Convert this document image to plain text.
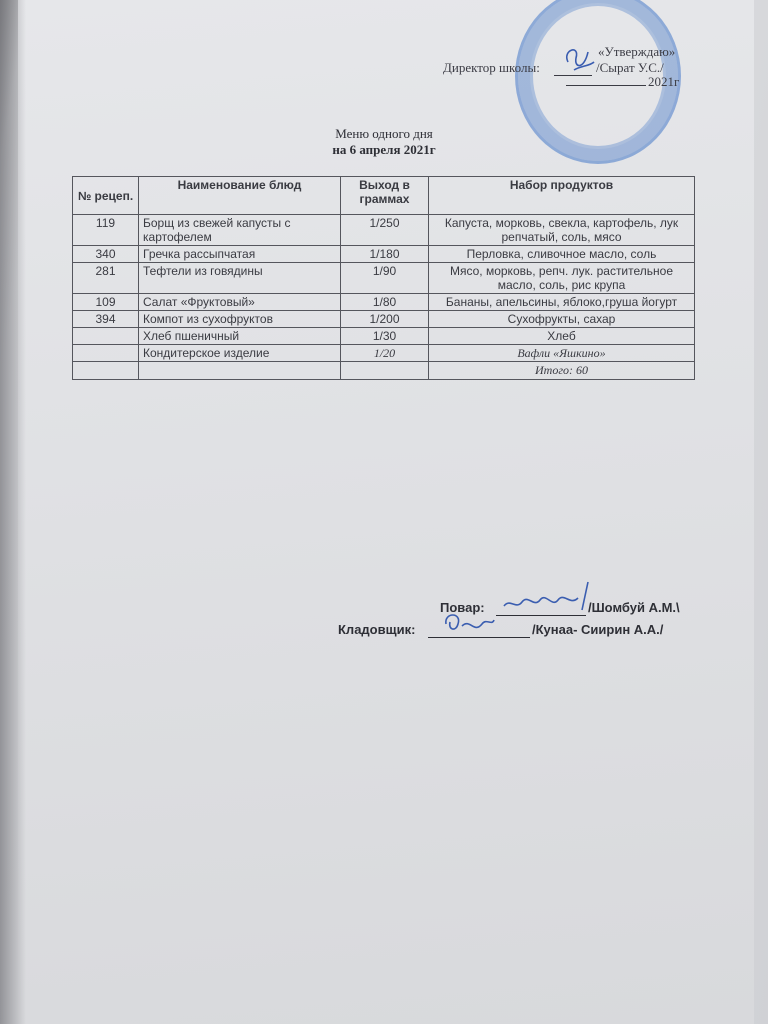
«Утверждаю»
Директор школы:	/Сырат У.С./
2021г
Меню одного дня
на 6 апреля 2021г
№ рецеп.	Наименование блюд	Выход в граммах	Набор продуктов
119	Борщ из свежей капусты с картофелем	1/250	Капуста, морковь, свекла, картофель, лук репчатый, соль, мясо
340	Гречка рассыпчатая	1/180	Перловка, сливочное масло, соль
281	Тефтели из говядины	1/90	Мясо, морковь, репч. лук. растительное масло, соль, рис крупа
109	Салат «Фруктовый»	1/80	Бананы, апельсины, яблоко,груша йогурт
394	Компот из сухофруктов	1/200	Сухофрукты, сахар
	Хлеб пшеничный	1/30	Хлеб
	Кондитерское изделие	1/20	Вафли «Яшкино»
			Итого: 60
Повар:	/Шомбуй А.М.\
Кладовщик:	/Кунаа- Сиирин А.А./
